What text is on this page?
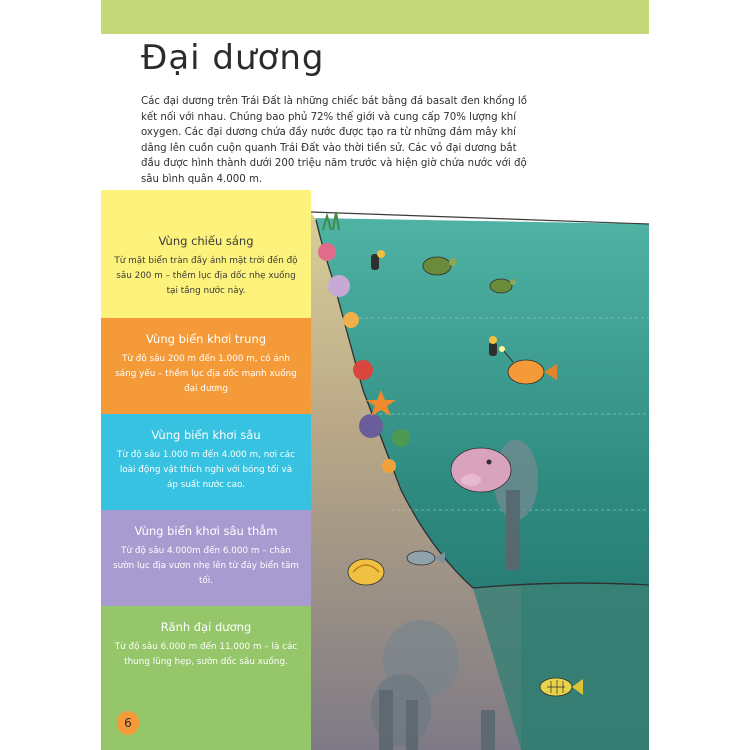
Đại dương
Các đại dương trên Trái Đất là những chiếc bát bằng đá basalt đen khổng lồ kết nối với nhau. Chúng bao phủ 72% thế giới và cung cấp 70% lượng khí oxygen. Các đại dương chứa đầy nước được tạo ra từ những đám mây khí dâng lên cuồn cuộn quanh Trái Đất vào thời tiền sử. Các vỏ đại dương bắt đầu được hình thành dưới 200 triệu năm trước và hiện giờ chứa nước với độ sâu bình quân 4.000 m.
Vùng chiếu sáng
Từ mặt biển tràn đầy ánh mặt trời đến độ sâu 200 m – thềm lục địa dốc nhẹ xuống tại tầng nước này.
Vùng biển khơi trung
Từ độ sâu 200 m đến 1.000 m, có ánh sáng yếu – thềm lục địa dốc mạnh xuống đại dương
Vùng biển khơi sâu
Từ độ sâu 1.000 m đến 4.000 m, nơi các loài động vật thích nghi với bóng tối và áp suất nước cao.
Vùng biển khơi sâu thẳm
Từ độ sâu 4.000m đến 6.000 m – chân sườn lục địa vươn nhẹ lên từ đáy biển tăm tối.
Rãnh đại dương
Từ độ sâu 6.000 m đến 11.000 m – là các thung lũng hẹp, sườn dốc sâu xuống.
6
